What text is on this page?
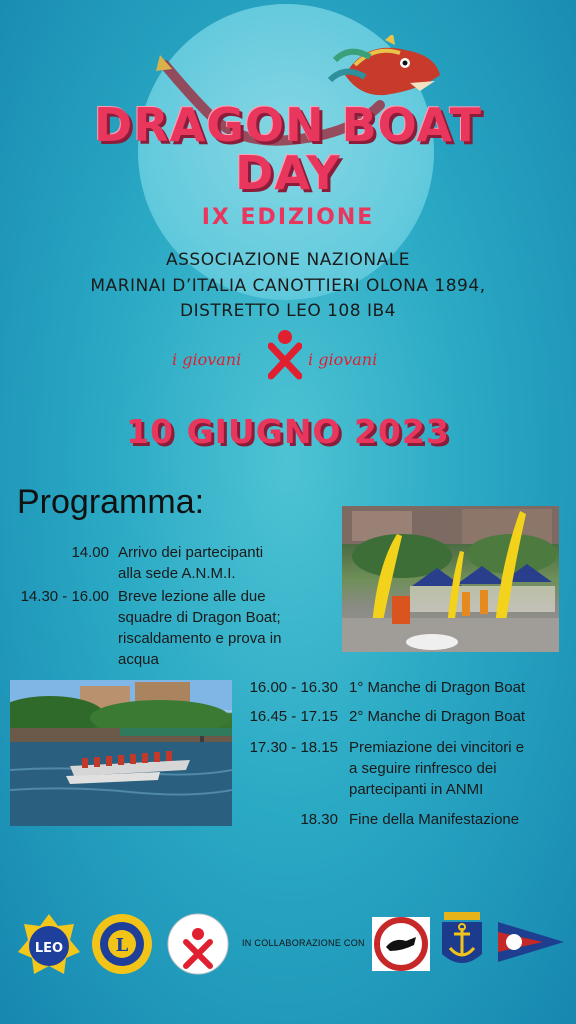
DRAGON BOAT
DAY
IX EDIZIONE
ASSOCIAZIONE NAZIONALE
MARINAI D’ITALIA CANOTTIERI OLONA 1894,
DISTRETTO LEO 108 IB4
i giovani	i giovani
10 GIUGNO 2023
Programma:
14.00 Arrivo dei partecipanti
alla sede A.N.M.I.
14.30 - 16.00 Breve lezione alle due
squadre di Dragon Boat;
riscaldamento e prova in
acqua
16.00 - 16.30 1° Manche di Dragon Boat
16.45 - 17.15 2° Manche di Dragon Boat
17.30 - 18.15 Premiazione dei vincitori e
a seguire rinfresco dei
partecipanti in ANMI
18.30 Fine della Manifestazione
LEO	L	IN COLLABORAZIONE CON
